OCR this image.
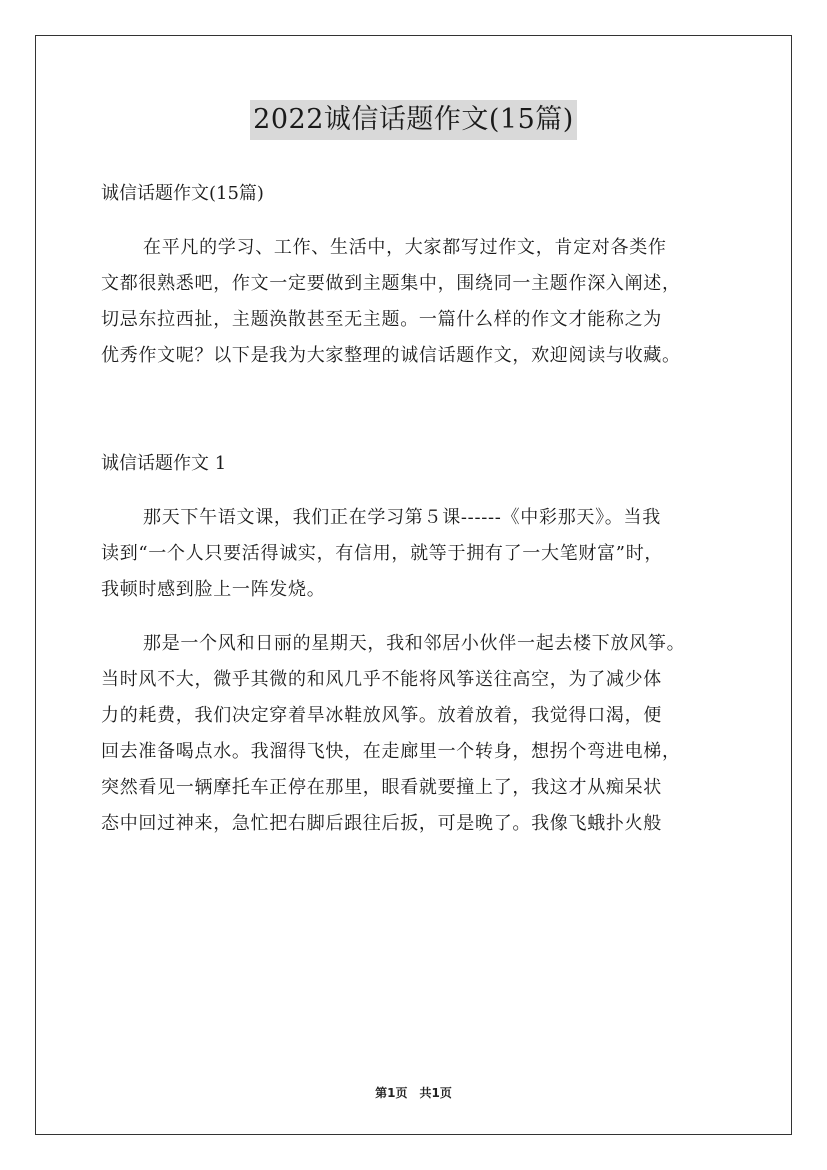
2022诚信话题作文(15篇)
诚信话题作文(15篇)
在平凡的学习、工作、生活中，大家都写过作文，肯定对各类作
文都很熟悉吧，作文一定要做到主题集中，围绕同一主题作深入阐述，
切忌东拉西扯，主题涣散甚至无主题。一篇什么样的作文才能称之为
优秀作文呢？以下是我为大家整理的诚信话题作文，欢迎阅读与收藏。
诚信话题作文 1
那天下午语文课，我们正在学习第５课------《中彩那天》。当我
读到“一个人只要活得诚实，有信用，就等于拥有了一大笔财富”时，
我顿时感到脸上一阵发烧。
那是一个风和日丽的星期天，我和邻居小伙伴一起去楼下放风筝。
当时风不大，微乎其微的和风几乎不能将风筝送往高空，为了减少体
力的耗费，我们决定穿着旱冰鞋放风筝。放着放着，我觉得口渴，便
回去准备喝点水。我溜得飞快，在走廊里一个转身，想拐个弯进电梯，
突然看见一辆摩托车正停在那里，眼看就要撞上了，我这才从痴呆状
态中回过神来，急忙把右脚后跟往后扳，可是晚了。我像飞蛾扑火般
第1页　共1页
